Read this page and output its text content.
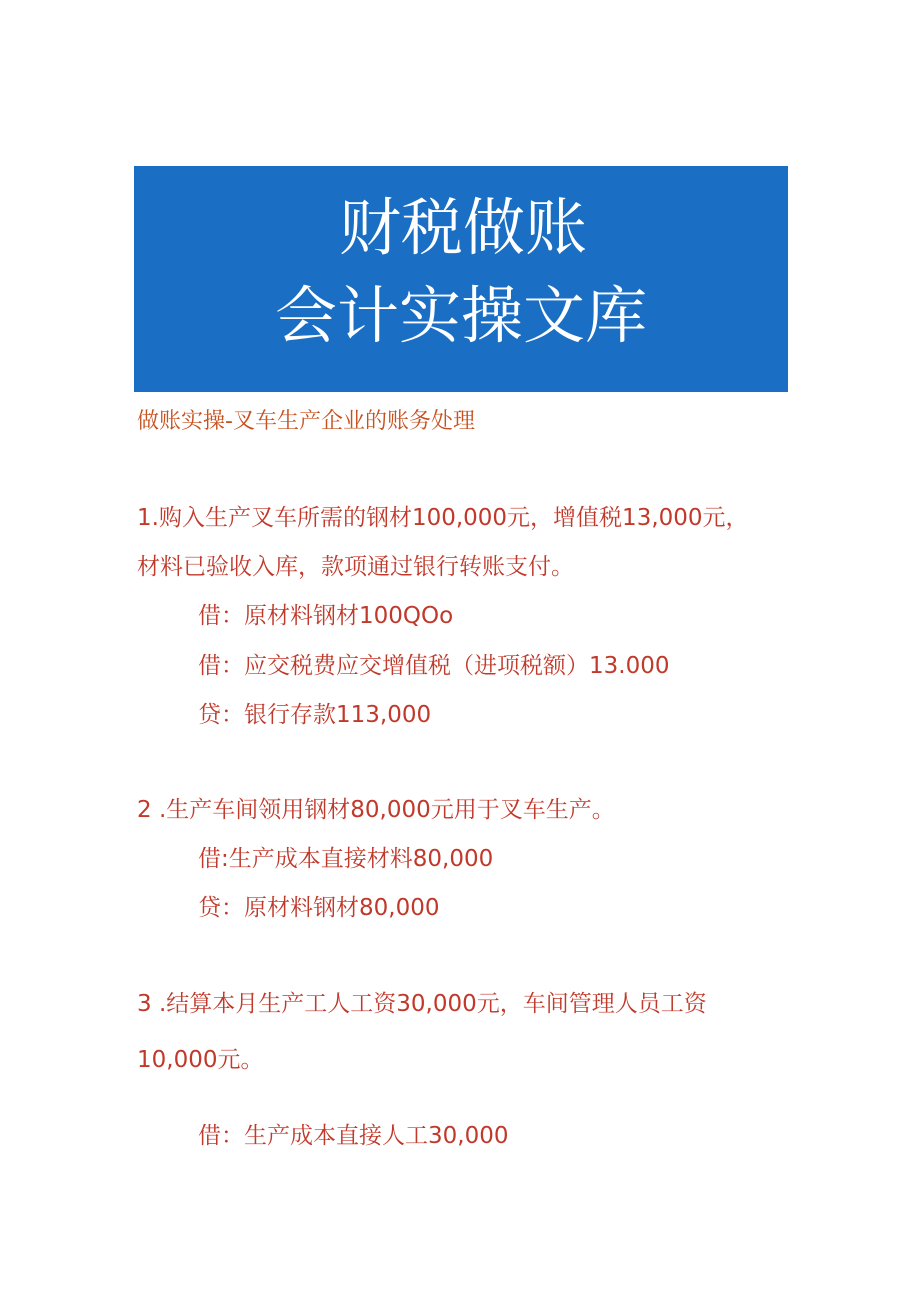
财税做账
会计实操文库
做账实操-叉车生产企业的账务处理
1.购入生产叉车所需的钢材100,000元，增值税13,000元，
材料已验收入库，款项通过银行转账支付。
借：原材料钢材100QOo
借：应交税费应交增值税（进项税额）13.000
贷：银行存款113,000
2 .生产车间领用钢材80,000元用于叉车生产。
借:生产成本直接材料80,000
贷：原材料钢材80,000
3 .结算本月生产工人工资30,000元，车间管理人员工资
10,000元。
借：生产成本直接人工30,000
